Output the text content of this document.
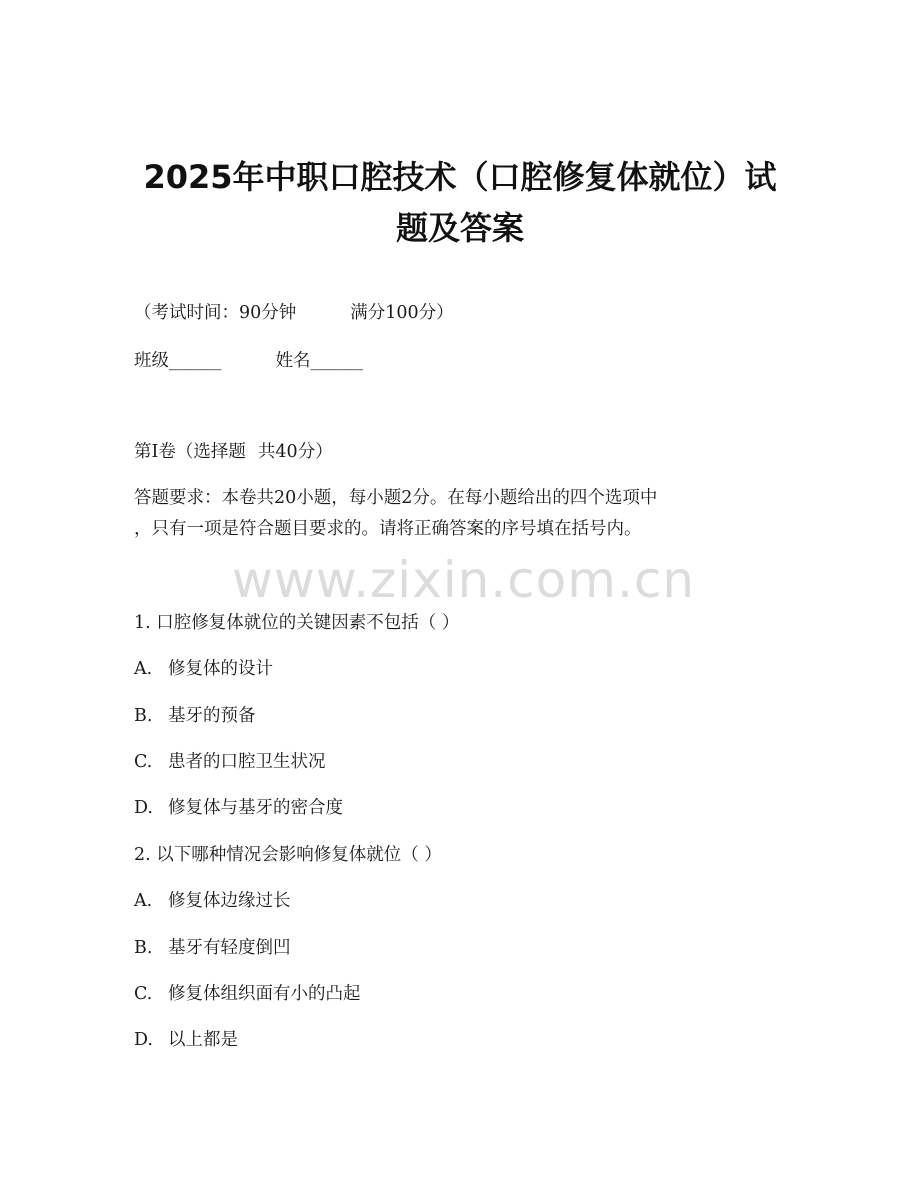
2025年中职口腔技术（口腔修复体就位）试
题及答案
（考试时间：90分钟	满分100分）
班级______	姓名______
第I卷（选择题 共40分）
答题要求：本卷共20小题，每小题2分。在每小题给出的四个选项中
，只有一项是符合题目要求的。请将正确答案的序号填在括号内。
www.zixin.com.cn
1. 口腔修复体就位的关键因素不包括（ ）
A. 修复体的设计
B. 基牙的预备
C. 患者的口腔卫生状况
D. 修复体与基牙的密合度
2. 以下哪种情况会影响修复体就位（ ）
A. 修复体边缘过长
B. 基牙有轻度倒凹
C. 修复体组织面有小的凸起
D. 以上都是
